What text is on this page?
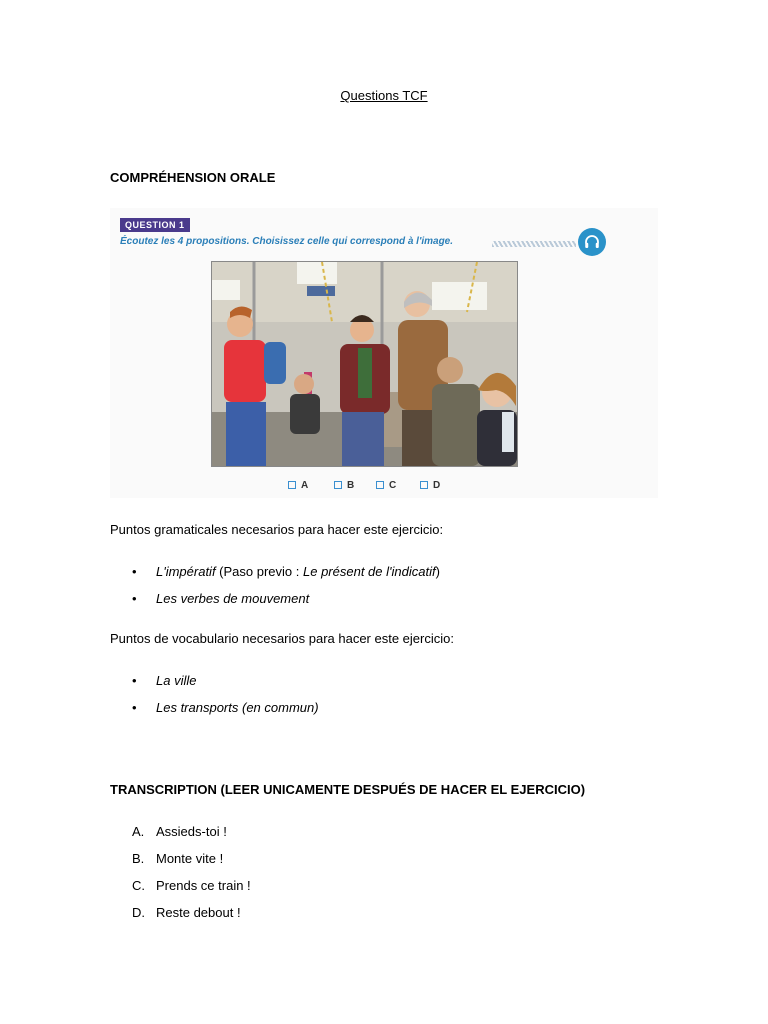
Questions TCF
COMPRÉHENSION ORALE
QUESTION 1
Écoutez les 4 propositions. Choisissez celle qui correspond à l'image.
A	B	C	D
Puntos gramaticales necesarios para hacer este ejercicio:
• L'impératif (Paso previo : Le présent de l'indicatif)
• Les verbes de mouvement
Puntos de vocabulario necesarios para hacer este ejercicio:
• La ville
• Les transports (en commun)
TRANSCRIPTION (LEER UNICAMENTE DESPUÉS DE HACER EL EJERCICIO)
A. Assieds-toi !
B. Monte vite !
C. Prends ce train !
D. Reste debout !
